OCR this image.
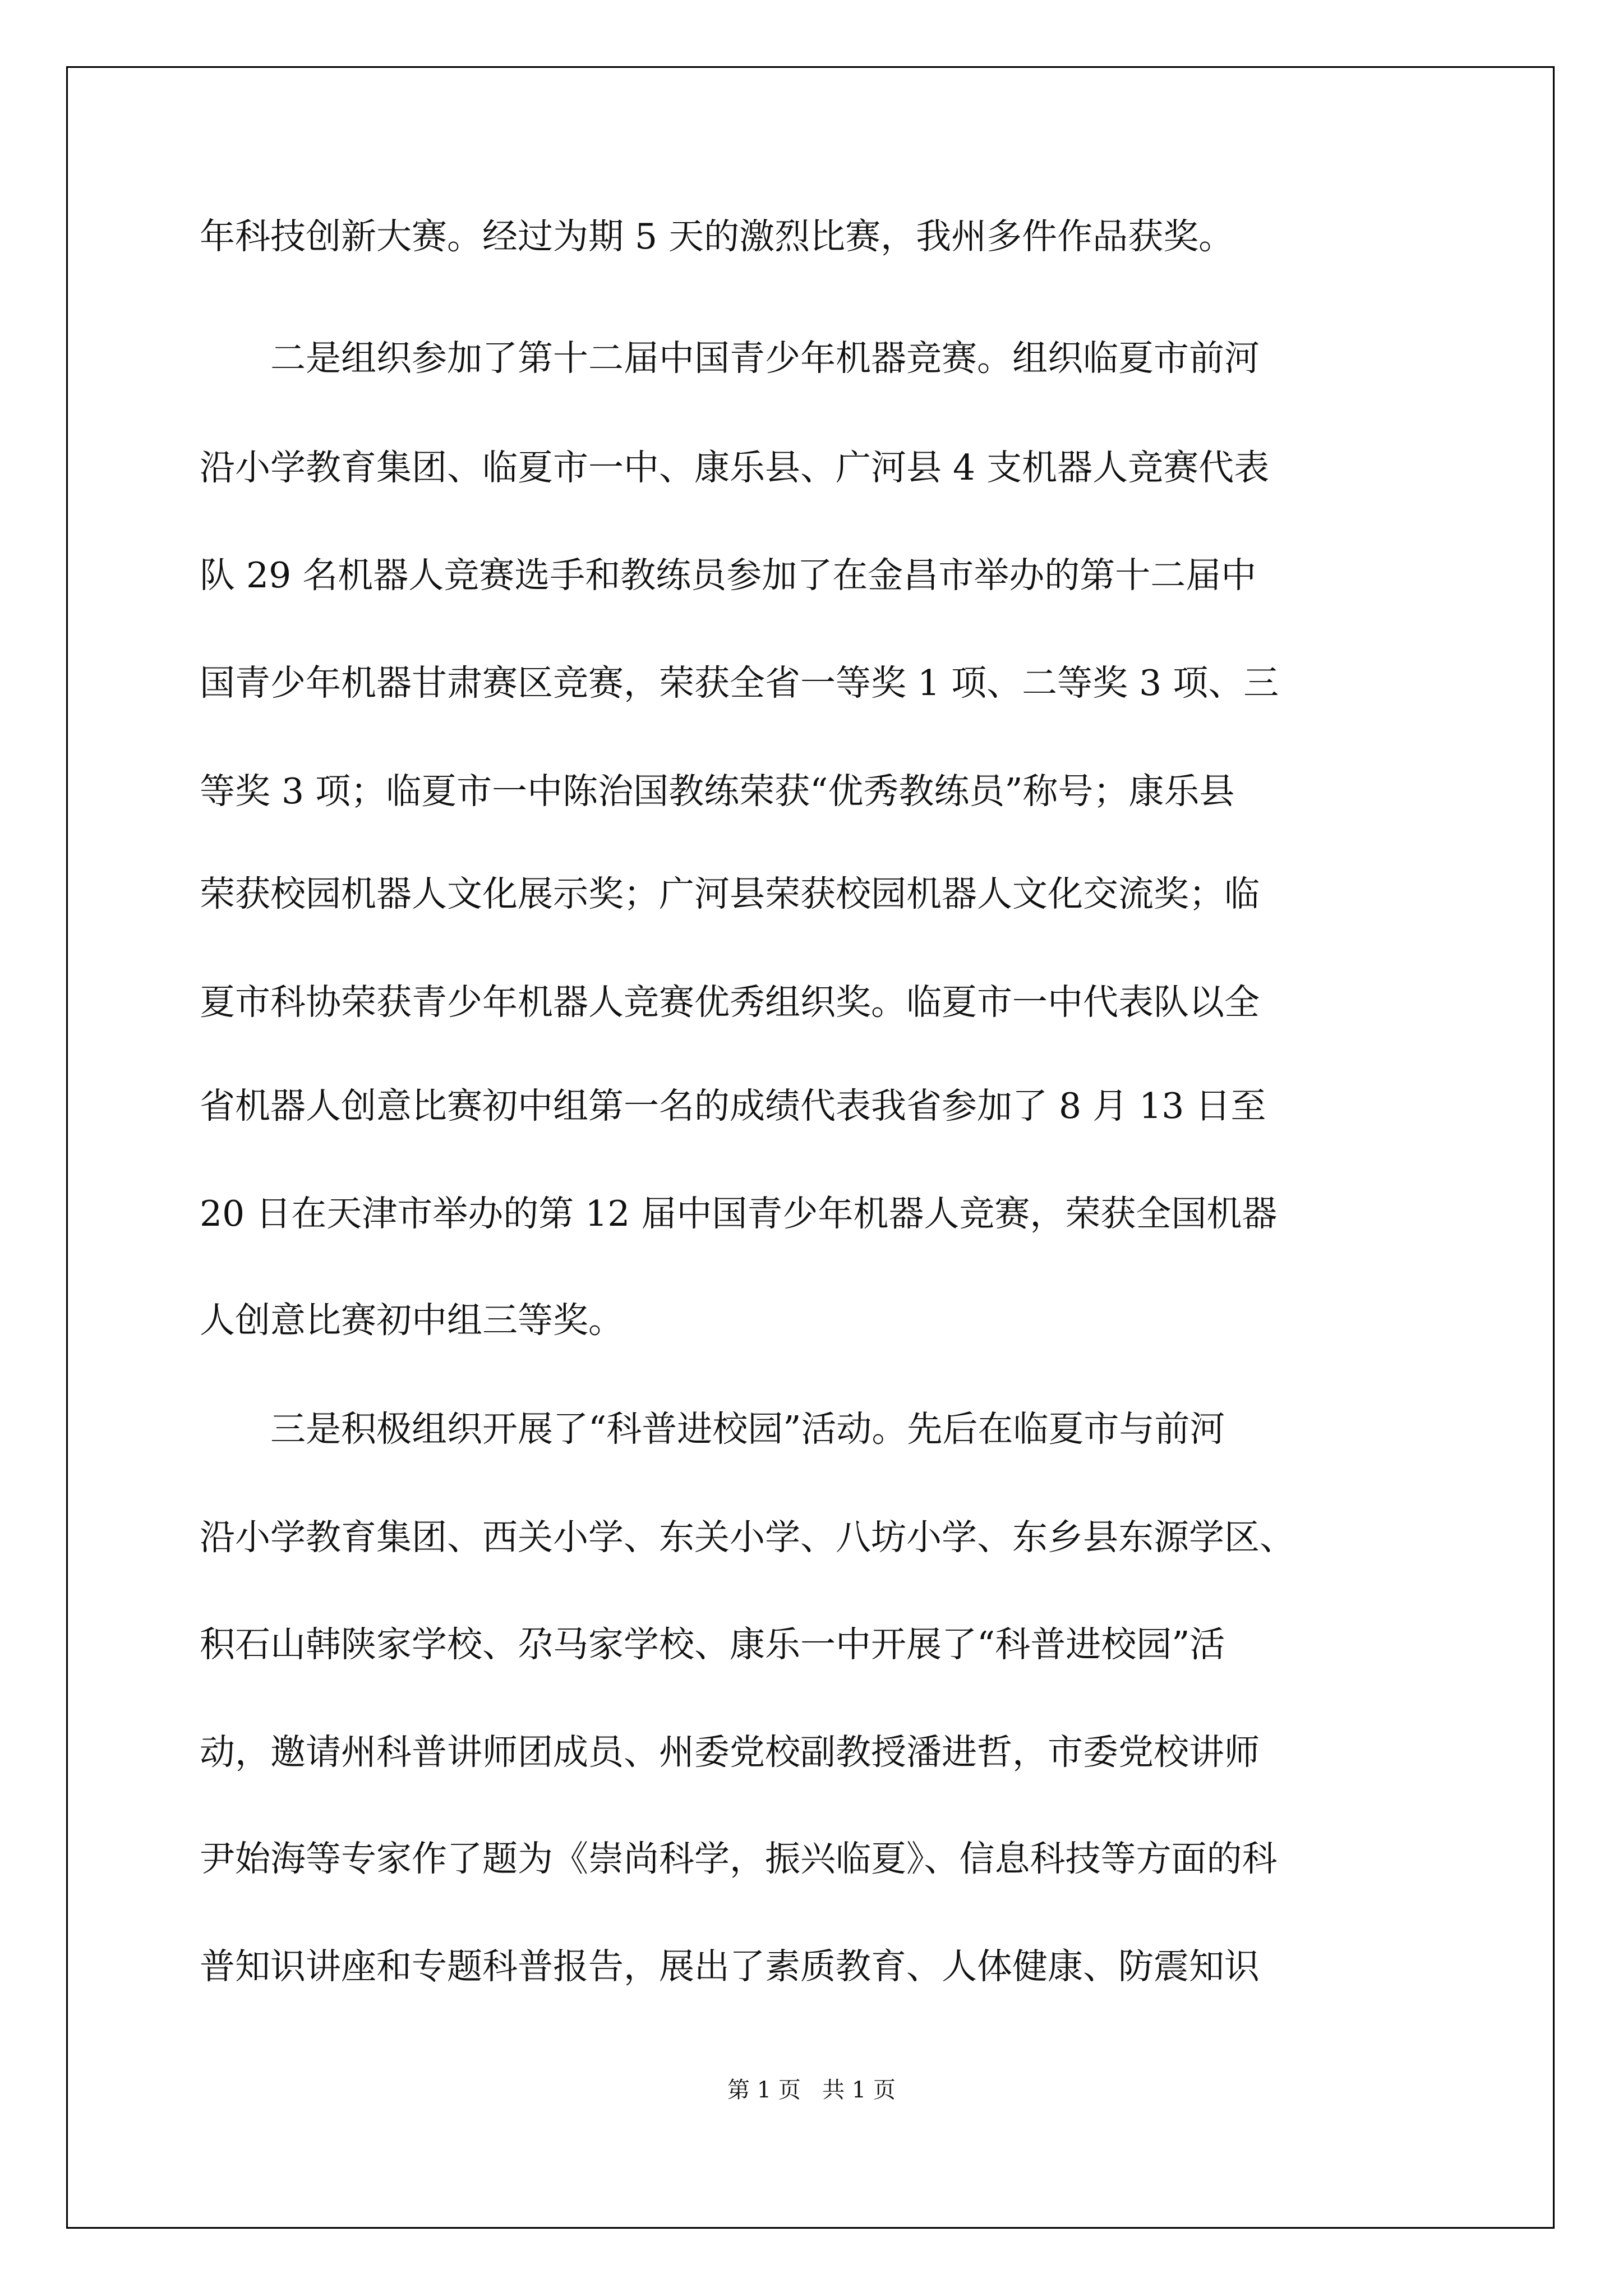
年科技创新大赛。经过为期 5 天的激烈比赛，我州多件作品获奖。
二是组织参加了第十二届中国青少年机器竞赛。组织临夏市前河
沿小学教育集团、临夏市一中、康乐县、广河县 4 支机器人竞赛代表
队 29 名机器人竞赛选手和教练员参加了在金昌市举办的第十二届中
国青少年机器甘肃赛区竞赛，荣获全省一等奖 1 项、二等奖 3 项、三
等奖 3 项；临夏市一中陈治国教练荣获“优秀教练员”称号；康乐县
荣获校园机器人文化展示奖；广河县荣获校园机器人文化交流奖；临
夏市科协荣获青少年机器人竞赛优秀组织奖。临夏市一中代表队以全
省机器人创意比赛初中组第一名的成绩代表我省参加了 8 月 13 日至
20 日在天津市举办的第 12 届中国青少年机器人竞赛，荣获全国机器
人创意比赛初中组三等奖。
三是积极组织开展了“科普进校园”活动。先后在临夏市与前河
沿小学教育集团、西关小学、东关小学、八坊小学、东乡县东源学区、
积石山韩陕家学校、尕马家学校、康乐一中开展了“科普进校园”活
动，邀请州科普讲师团成员、州委党校副教授潘进哲，市委党校讲师
尹始海等专家作了题为《崇尚科学，振兴临夏》、信息科技等方面的科
普知识讲座和专题科普报告，展出了素质教育、人体健康、防震知识
第 1 页   共 1 页
